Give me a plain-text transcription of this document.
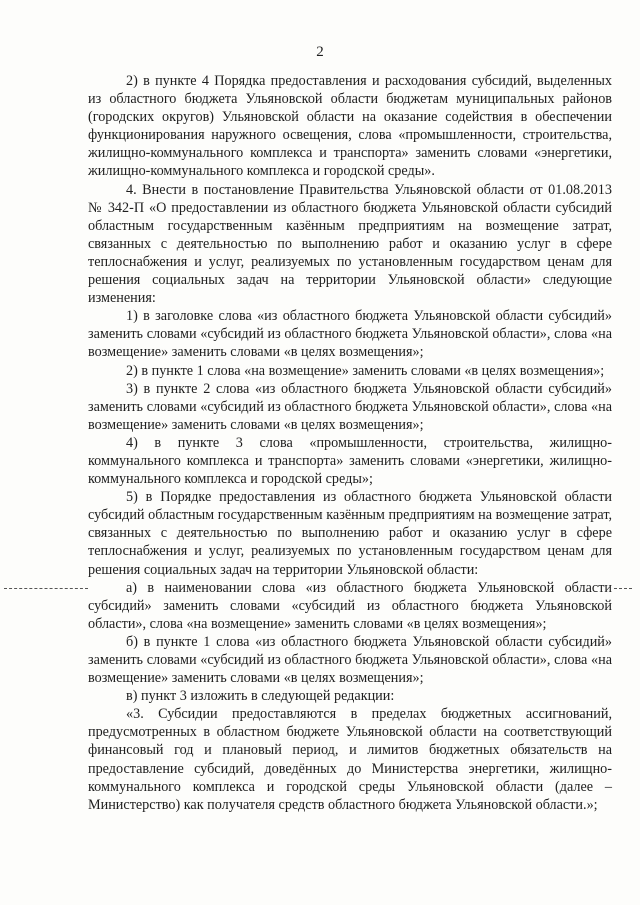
2

2) в пункте 4 Порядка предоставления и расходования субсидий, выделенных из областного бюджета Ульяновской области бюджетам муниципальных районов (городских округов) Ульяновской области на оказание содействия в обеспечении функционирования наружного освещения, слова «промышленности, строительства, жилищно-коммунального комплекса и транспорта» заменить словами «энергетики, жилищно-коммунального комплекса и городской среды».

4. Внести в постановление Правительства Ульяновской области от 01.08.2013 № 342-П «О предоставлении из областного бюджета Ульяновской области субсидий областным государственным казённым предприятиям на возмещение затрат, связанных с деятельностью по выполнению работ и оказанию услуг в сфере теплоснабжения и услуг, реализуемых по установленным государством ценам для решения социальных задач на территории Ульяновской области» следующие изменения:

1) в заголовке слова «из областного бюджета Ульяновской области субсидий» заменить словами «субсидий из областного бюджета Ульяновской области», слова «на возмещение» заменить словами «в целях возмещения»;

2) в пункте 1 слова «на возмещение» заменить словами «в целях возмещения»;

3) в пункте 2 слова «из областного бюджета Ульяновской области субсидий» заменить словами «субсидий из областного бюджета Ульяновской области», слова «на возмещение» заменить словами «в целях возмещения»;

4) в пункте 3 слова «промышленности, строительства, жилищно-коммунального комплекса и транспорта» заменить словами «энергетики, жилищно-коммунального комплекса и городской среды»;

5) в Порядке предоставления из областного бюджета Ульяновской области субсидий областным государственным казённым предприятиям на возмещение затрат, связанных с деятельностью по выполнению работ и оказанию услуг в сфере теплоснабжения и услуг, реализуемых по установленным государством ценам для решения социальных задач на территории Ульяновской области:

а) в наименовании слова «из областного бюджета Ульяновской области субсидий» заменить словами «субсидий из областного бюджета Ульяновской области», слова «на возмещение» заменить словами «в целях возмещения»;

б) в пункте 1 слова «из областного бюджета Ульяновской области субсидий» заменить словами «субсидий из областного бюджета Ульяновской области», слова «на возмещение» заменить словами «в целях возмещения»;

в) пункт 3 изложить в следующей редакции:

«3. Субсидии предоставляются в пределах бюджетных ассигнований, предусмотренных в областном бюджете Ульяновской области на соответствующий финансовый год и плановый период, и лимитов бюджетных обязательств на предоставление субсидий, доведённых до Министерства энергетики, жилищно-коммунального комплекса и городской среды Ульяновской области (далее – Министерство) как получателя средств областного бюджета Ульяновской области.»;
